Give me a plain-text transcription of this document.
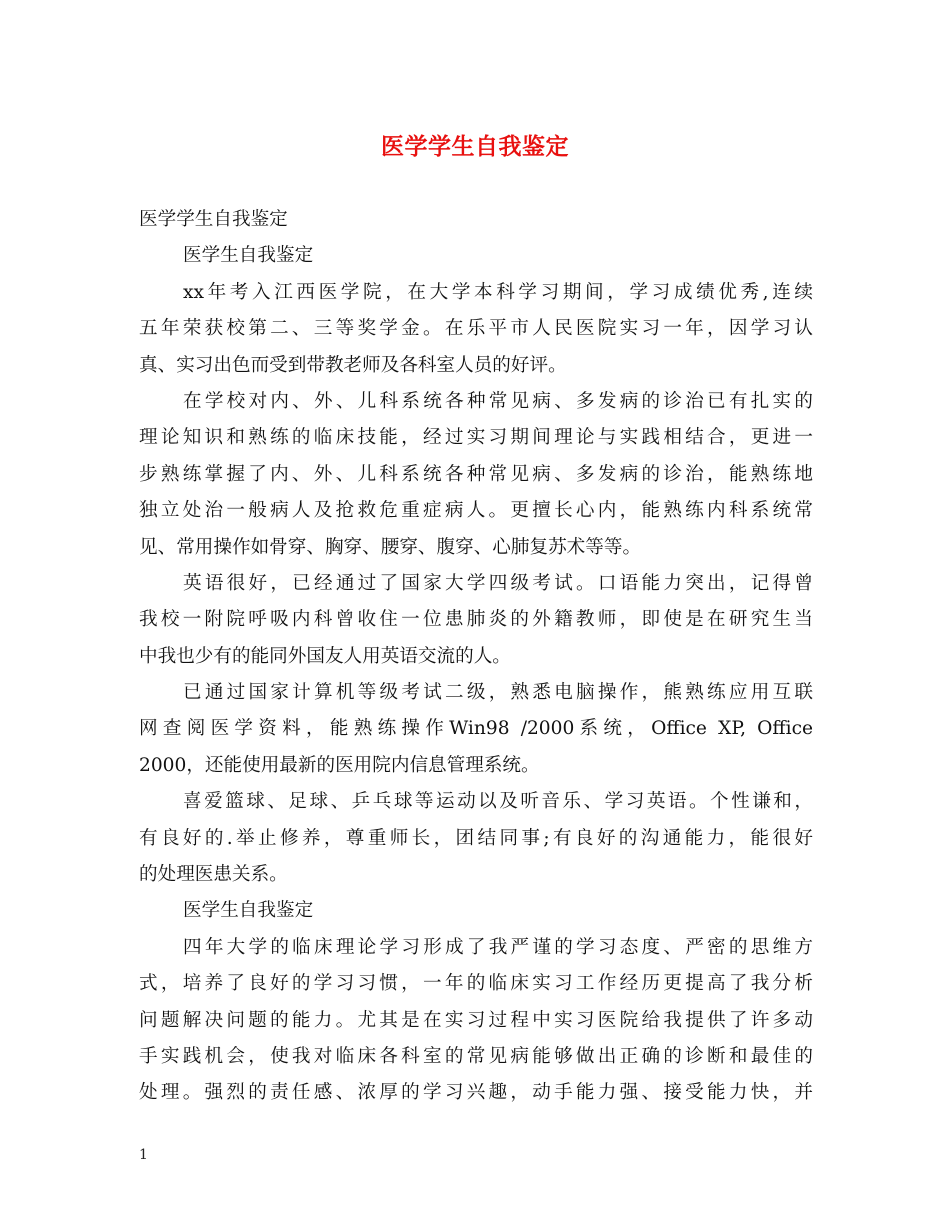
医学学生自我鉴定
医学学生自我鉴定
医学生自我鉴定
xx年考入江西医学院，在大学本科学习期间，学习成绩优秀,连续
五年荣获校第二、三等奖学金。在乐平市人民医院实习一年，因学习认
真、实习出色而受到带教老师及各科室人员的好评。
在学校对内、外、儿科系统各种常见病、多发病的诊治已有扎实的
理论知识和熟练的临床技能，经过实习期间理论与实践相结合，更进一
步熟练掌握了内、外、儿科系统各种常见病、多发病的诊治，能熟练地
独立处治一般病人及抢救危重症病人。更擅长心内，能熟练内科系统常
见、常用操作如骨穿、胸穿、腰穿、腹穿、心肺复苏术等等。
英语很好，已经通过了国家大学四级考试。口语能力突出，记得曾
我校一附院呼吸内科曾收住一位患肺炎的外籍教师，即使是在研究生当
中我也少有的能同外国友人用英语交流的人。
已通过国家计算机等级考试二级，熟悉电脑操作，熊熟练应用互联
网查阅医学资料，能熟练操作Win98 /2000系统，Office XP, Office
2000，还能使用最新的医用院内信息管理系统。
喜爱篮球、足球、乒乓球等运动以及听音乐、学习英语。个性谦和，
有良好的.举止修养，尊重师长，团结同事;有良好的沟通能力，能很好
的处理医患关系。
医学生自我鉴定
四年大学的临床理论学习形成了我严谨的学习态度、严密的思维方
式，培养了良好的学习习惯，一年的临床实习工作经历更提高了我分析
问题解决问题的能力。尤其是在实习过程中实习医院给我提供了许多动
手实践机会，使我对临床各科室的常见病能够做出正确的诊断和最佳的
处理。强烈的责任感、浓厚的学习兴趣，动手能力强、接受能力快，并
1
